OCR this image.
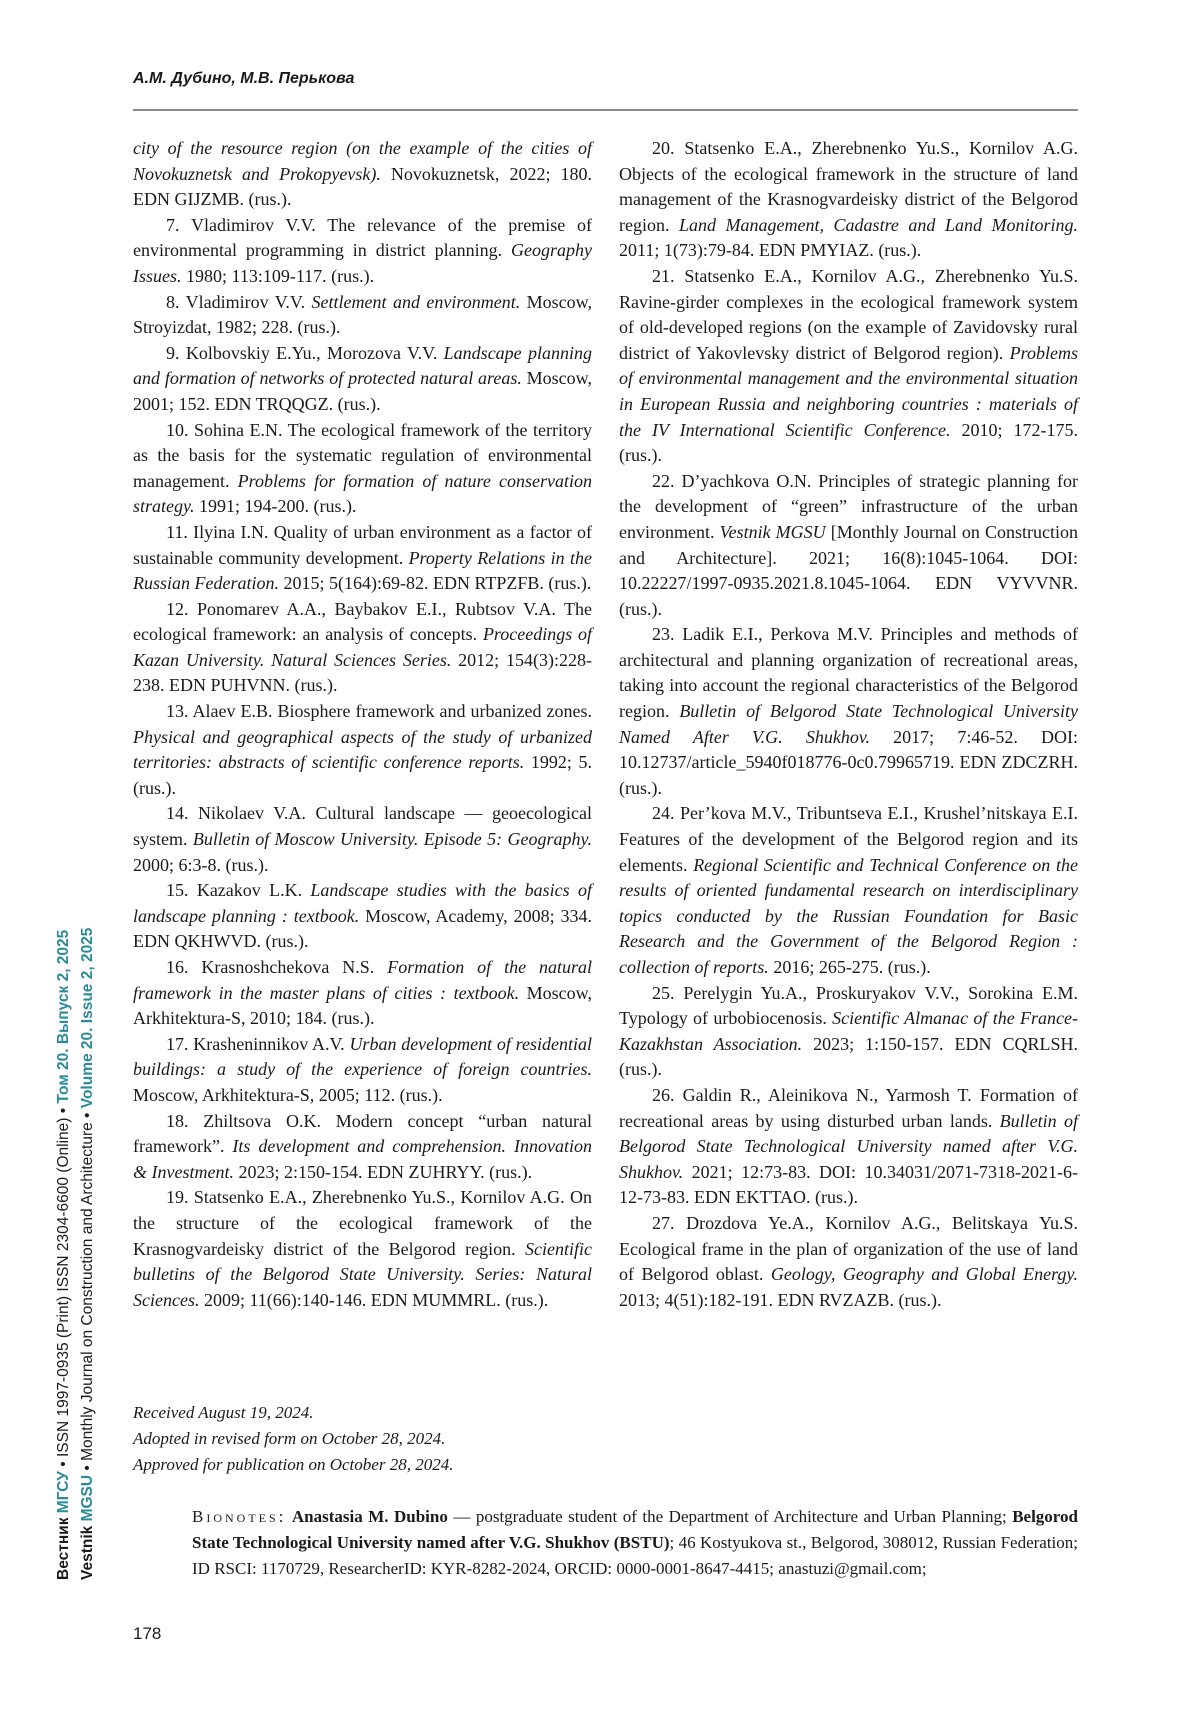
А.М. Дубино, М.В. Перькова

city of the resource region (on the example of the cities of Novokuznetsk and Prokopyevsk). Novokuznetsk, 2022; 180. EDN GIJZMB. (rus.).

7. Vladimirov V.V. The relevance of the premise of environmental programming in district planning. Geography Issues. 1980; 113:109-117. (rus.).

8. Vladimirov V.V. Settlement and environment. Moscow, Stroyizdat, 1982; 228. (rus.).

9. Kolbovskiy E.Yu., Morozova V.V. Landscape planning and formation of networks of protected natural areas. Moscow, 2001; 152. EDN TRQQGZ. (rus.).

10. Sohina E.N. The ecological framework of the territory as the basis for the systematic regulation of environmental management. Problems for formation of nature conservation strategy. 1991; 194-200. (rus.).

11. Ilyina I.N. Quality of urban environment as a factor of sustainable community development. Property Relations in the Russian Federation. 2015; 5(164):69-82. EDN RTPZFB. (rus.).

12. Ponomarev A.A., Baybakov E.I., Rubtsov V.A. The ecological framework: an analysis of concepts. Proceedings of Kazan University. Natural Sciences Series. 2012; 154(3):228-238. EDN PUHVNN. (rus.).

13. Alaev E.B. Biosphere framework and urbanized zones. Physical and geographical aspects of the study of urbanized territories: abstracts of scientific conference reports. 1992; 5. (rus.).

14. Nikolaev V.A. Cultural landscape — geoecological system. Bulletin of Moscow University. Episode 5: Geography. 2000; 6:3-8. (rus.).

15. Kazakov L.K. Landscape studies with the basics of landscape planning : textbook. Moscow, Academy, 2008; 334. EDN QKHWVD. (rus.).

16. Krasnoshchekova N.S. Formation of the natural framework in the master plans of cities : textbook. Moscow, Arkhitektura-S, 2010; 184. (rus.).

17. Krasheninnikov A.V. Urban development of residential buildings: a study of the experience of foreign countries. Moscow, Arkhitektura-S, 2005; 112. (rus.).

18. Zhiltsova O.K. Modern concept “urban natural framework”. Its development and comprehension. Innovation & Investment. 2023; 2:150-154. EDN ZUHRYY. (rus.).

19. Statsenko E.A., Zherebnenko Yu.S., Kornilov A.G. On the structure of the ecological framework of the Krasnogvardeisky district of the Belgorod region. Scientific bulletins of the Belgorod State University. Series: Natural Sciences. 2009; 11(66):140-146. EDN MUMMRL. (rus.).

20. Statsenko E.A., Zherebnenko Yu.S., Kornilov A.G. Objects of the ecological framework in the structure of land management of the Krasnogvardeisky district of the Belgorod region. Land Management, Cadastre and Land Monitoring. 2011; 1(73):79-84. EDN PMYIAZ. (rus.).

21. Statsenko E.A., Kornilov A.G., Zherebnenko Yu.S. Ravine-girder complexes in the ecological framework system of old-developed regions (on the example of Zavidovsky rural district of Yakovlevsky district of Belgorod region). Problems of environmental management and the environmental situation in European Russia and neighboring countries : materials of the IV International Scientific Conference. 2010; 172-175. (rus.).

22. D’yachkova O.N. Principles of strategic planning for the development of “green” infrastructure of the urban environment. Vestnik MGSU [Monthly Journal on Construction and Architecture]. 2021; 16(8):1045-1064. DOI: 10.22227/1997-0935.2021.8.1045-1064. EDN VYVVNR. (rus.).

23. Ladik E.I., Perkova M.V. Principles and methods of architectural and planning organization of recreational areas, taking into account the regional characteristics of the Belgorod region. Bulletin of Belgorod State Technological University Named After V.G. Shukhov. 2017; 7:46-52. DOI: 10.12737/article_5940f018776-0c0.79965719. EDN ZDCZRH. (rus.).

24. Per’kova M.V., Tribuntseva E.I., Krushel’nitskaya E.I. Features of the development of the Belgorod region and its elements. Regional Scientific and Technical Conference on the results of oriented fundamental research on interdisciplinary topics conducted by the Russian Foundation for Basic Research and the Government of the Belgorod Region : collection of reports. 2016; 265-275. (rus.).

25. Perelygin Yu.A., Proskuryakov V.V., Sorokina E.M. Typology of urbobiocenosis. Scientific Almanac of the France-Kazakhstan Association. 2023; 1:150-157. EDN CQRLSH. (rus.).

26. Galdin R., Aleinikova N., Yarmosh T. Formation of recreational areas by using disturbed urban lands. Bulletin of Belgorod State Technological University named after V.G. Shukhov. 2021; 12:73-83. DOI: 10.34031/2071-7318-2021-6-12-73-83. EDN EKTTAO. (rus.).

27. Drozdova Ye.A., Kornilov A.G., Belitskaya Yu.S. Ecological frame in the plan of organization of the use of land of Belgorod oblast. Geology, Geography and Global Energy. 2013; 4(51):182-191. EDN RVZAZB. (rus.).

Вестник МГСУ • ISSN 1997-0935 (Print) ISSN 2304-6600 (Online) • Том 20. Выпуск 2, 2025
Vestnik MGSU • Monthly Journal on Construction and Architecture • Volume 20. Issue 2, 2025
Received August 19, 2024.
Adopted in revised form on October 28, 2024.
Approved for publication on October 28, 2024.
Bionotes: Anastasia M. Dubino — postgraduate student of the Department of Architecture and Urban Planning; Belgorod State Technological University named after V.G. Shukhov (BSTU); 46 Kostyukova st., Belgorod, 308012, Russian Federation; ID RSCI: 1170729, ResearcherID: KYR-8282-2024, ORCID: 0000-0001-8647-4415; anastuzi@gmail.com;
178
